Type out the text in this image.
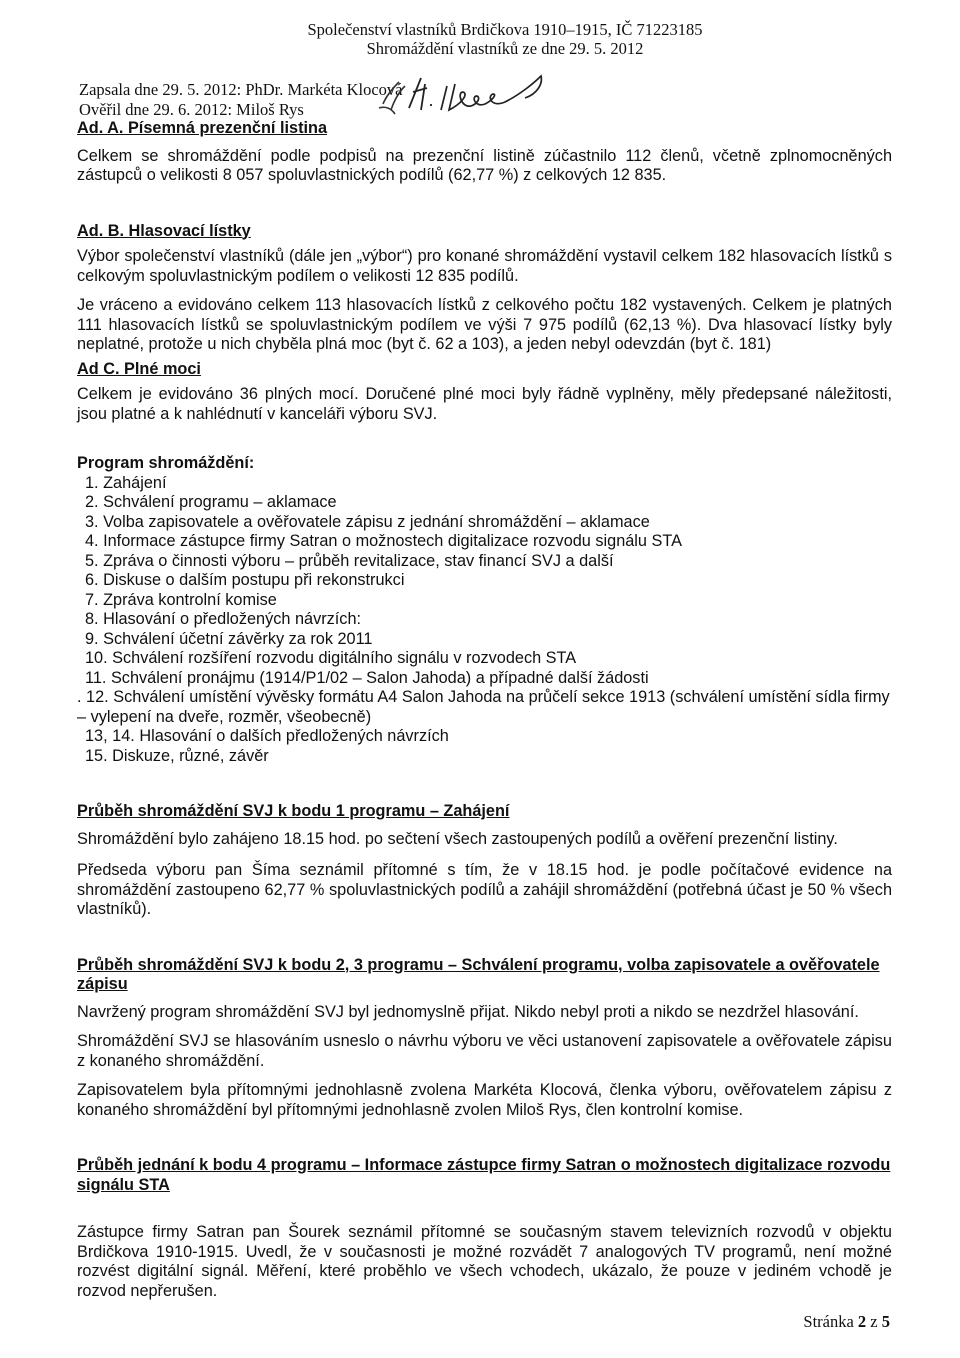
Společenství vlastníků Brdičkova 1910–1915, IČ 71223185
Shromáždění vlastníků ze dne 29. 5. 2012
Zapsala dne 29. 5. 2012: PhDr. Markéta Klocová
Ověřil dne 29. 6. 2012: Miloš Rys
Ad. A. Písemná prezenční listina

Celkem se shromáždění podle podpisů na prezenční listině zúčastnilo 112 členů, včetně zplnomocněných zástupců o velikosti 8 057 spoluvlastnických podílů (62,77 %) z celkových 12 835.

Ad. B. Hlasovací lístky

Výbor společenství vlastníků (dále jen „výbor“) pro konané shromáždění vystavil celkem 182 hlasovacích lístků s celkovým spoluvlastnickým podílem o velikosti 12 835 podílů.

Je vráceno a evidováno celkem 113 hlasovacích lístků z celkového počtu 182 vystavených. Celkem je platných 111 hlasovacích lístků se spoluvlastnickým podílem ve výši 7 975 podílů (62,13 %). Dva hlasovací lístky byly neplatné, protože u nich chyběla plná moc (byt č. 62 a 103), a jeden nebyl odevzdán (byt č. 181)

Ad C. Plné moci

Celkem je evidováno 36 plných mocí. Doručené plné moci byly řádně vyplněny, měly předepsané náležitosti, jsou platné a k nahlédnutí v kanceláři výboru SVJ.

Program shromáždění:
1. Zahájení
2. Schválení programu – aklamace
3. Volba zapisovatele a ověřovatele zápisu z jednání shromáždění – aklamace
4. Informace zástupce firmy Satran o možnostech digitalizace rozvodu signálu STA
5. Zpráva o činnosti výboru – průběh revitalizace, stav financí SVJ a další
6. Diskuse o dalším postupu při rekonstrukci
7. Zpráva kontrolní komise
8. Hlasování o předložených návrzích:
9. Schválení účetní závěrky za rok 2011
10. Schválení rozšíření rozvodu digitálního signálu v rozvodech STA
11. Schválení pronájmu (1914/P1/02 – Salon Jahoda) a případné další žádosti
. 12. Schválení umístění vývěsky formátu A4 Salon Jahoda na průčelí sekce 1913 (schválení umístění sídla firmy – vylepení na dveře, rozměr, všeobecně)
13, 14. Hlasování o dalších předložených návrzích
15. Diskuze, různé, závěr
Průběh shromáždění SVJ k bodu 1 programu – Zahájení

Shromáždění bylo zahájeno 18.15 hod. po sečtení všech zastoupených podílů a ověření prezenční listiny.

Předseda výboru pan Šíma seznámil přítomné s tím, že v 18.15 hod. je podle počítačové evidence na shromáždění zastoupeno 62,77 % spoluvlastnických podílů a zahájil shromáždění (potřebná účast je 50 % všech vlastníků).

Průběh shromáždění SVJ k bodu 2, 3 programu – Schválení programu, volba zapisovatele a ověřovatele zápisu

Navržený program shromáždění SVJ byl jednomyslně přijat. Nikdo nebyl proti a nikdo se nezdržel hlasování.

Shromáždění SVJ se hlasováním usneslo o návrhu výboru ve věci ustanovení zapisovatele a ověřovatele zápisu z konaného shromáždění.

Zapisovatelem byla přítomnými jednohlasně zvolena Markéta Klocová, členka výboru, ověřovatelem zápisu z konaného shromáždění byl přítomnými jednohlasně zvolen Miloš Rys, člen kontrolní komise.

Průběh jednání k bodu 4 programu – Informace zástupce firmy Satran o možnostech digitalizace rozvodu signálu STA

Zástupce firmy Satran pan Šourek seznámil přítomné se současným stavem televizních rozvodů v objektu Brdičkova 1910-1915. Uvedl, že v současnosti je možné rozvádět 7 analogových TV programů, není možné rozvést digitální signál. Měření, které proběhlo ve všech vchodech, ukázalo, že pouze v jediném vchodě je rozvod nepřerušen.

Stránka 2 z 5
